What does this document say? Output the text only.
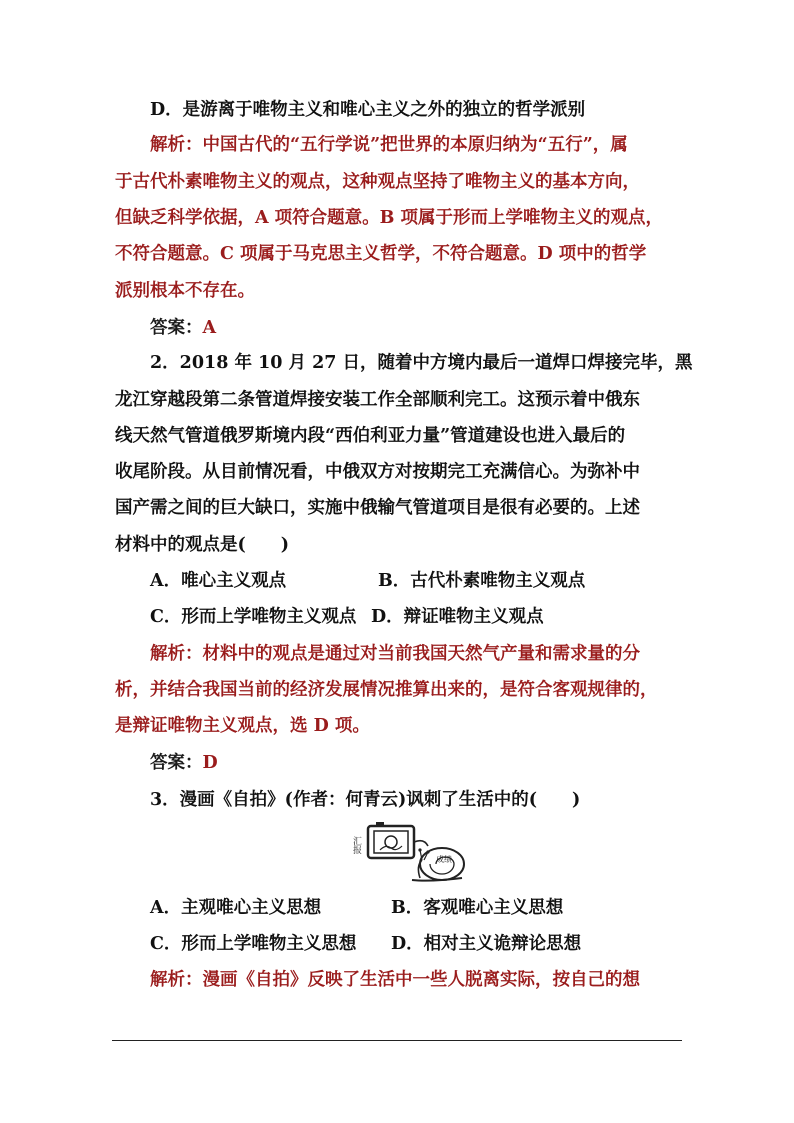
D．是游离于唯物主义和唯心主义之外的独立的哲学派别
解析：中国古代的“五行学说”把世界的本原归纳为“五行”，属
于古代朴素唯物主义的观点，这种观点坚持了唯物主义的基本方向，
但缺乏科学依据，A 项符合题意。B 项属于形而上学唯物主义的观点，
不符合题意。C 项属于马克思主义哲学，不符合题意。D 项中的哲学
派别根本不存在。
答案：A
2．2018 年 10 月 27 日，随着中方境内最后一道焊口焊接完毕，黑
龙江穿越段第二条管道焊接安装工作全部顺利完工。这预示着中俄东
线天然气管道俄罗斯境内段“西伯利亚力量”管道建设也进入最后的
收尾阶段。从目前情况看，中俄双方对按期完工充满信心。为弥补中
国产需之间的巨大缺口，实施中俄输气管道项目是很有必要的。上述
材料中的观点是(　　)
A．唯心主义观点	B．古代朴素唯物主义观点
C．形而上学唯物主义观点 D．辩证唯物主义观点
解析：材料中的观点是通过对当前我国天然气产量和需求量的分
析，并结合我国当前的经济发展情况推算出来的，是符合客观规律的，
是辩证唯物主义观点，选 D 项。
答案：D
3．漫画《自拍》(作者：何青云)讽刺了生活中的(　　)
汇报
成绩
A．主观唯心主义思想	B．客观唯心主义思想
C．形而上学唯物主义思想 D．相对主义诡辩论思想
解析：漫画《自拍》反映了生活中一些人脱离实际，按自己的想
